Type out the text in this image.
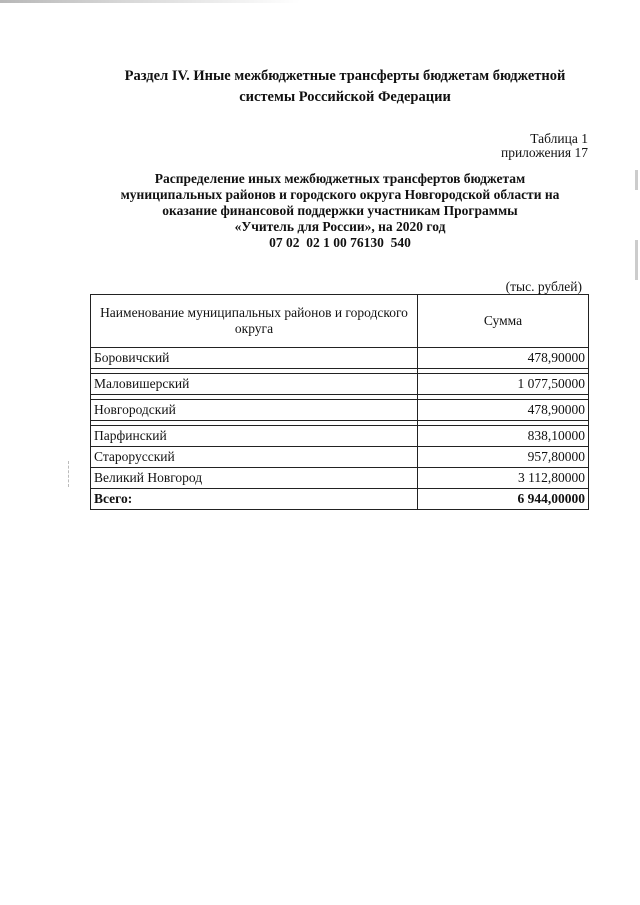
Раздел IV. Иные межбюджетные трансферты бюджетам бюджетной
системы Российской Федерации
Таблица 1
приложения 17
Распределение иных межбюджетных трансфертов бюджетам
муниципальных районов и городского округа Новгородской области на
оказание финансовой поддержки участникам Программы
«Учитель для России», на 2020 год
07 02  02 1 00 76130  540
(тыс. рублей)
Наименование муниципальных районов и городского округа	Сумма
Боровичский	478,90000

Маловишерский	1 077,50000

Новгородский	478,90000

Парфинский	838,10000
Старорусский	957,80000
Великий Новгород	3 112,80000
Всего:	6 944,00000
